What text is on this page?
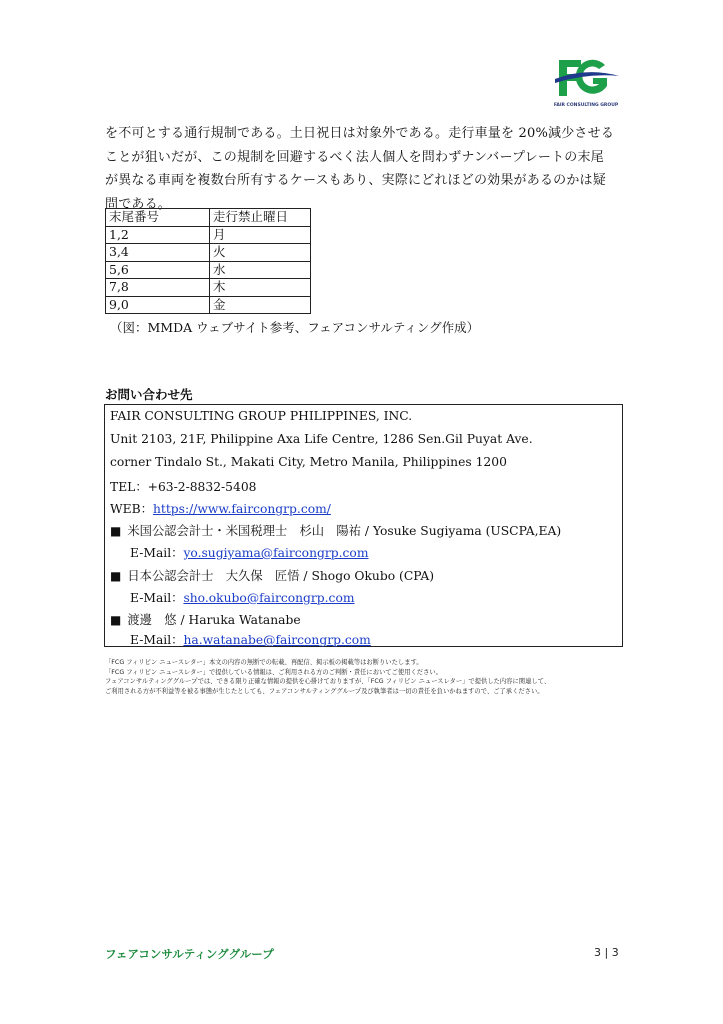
FAIR CONSULTING GROUP

を不可とする通行規制である。土日祝日は対象外である。走行車量を 20%減少させる

ことが狙いだが、この規制を回避するべく法人個人を問わずナンバープレートの末尾

が異なる車両を複数台所有するケースもあり、実際にどれほどの効果があるのかは疑

問である。

末尾番号	走行禁止曜日
1,2	月
3,4	火
5,6	水
7,8	木
9,0	金
（図：MMDA ウェブサイト参考、フェアコンサルティング作成）
お問い合わせ先
FAIR CONSULTING GROUP PHILIPPINES, INC.
Unit 2103, 21F, Philippine Axa Life Centre, 1286 Sen.Gil Puyat Ave.
corner Tindalo St., Makati City, Metro Manila, Philippines 1200
TEL：+63-2-8832-5408
WEB：https://www.faircongrp.com/
■ 米国公認会計士・米国税理士　杉山　陽祐 / Yosuke Sugiyama (USCPA,EA)
E-Mail：yo.sugiyama@faircongrp.com
■ 日本公認会計士　大久保　匠悟 / Shogo Okubo (CPA)
E-Mail：sho.okubo@faircongrp.com
■ 渡邊　悠 / Haruka Watanabe
E-Mail：ha.watanabe@faircongrp.com

「FCG フィリピン ニュースレター」本文の内容の無断での転載、再配信、掲示板の掲載等はお断りいたします。

「FCG フィリピン ニュースレター」で提供している情報は、ご利用される方のご判断・責任においてご使用ください。

フェアコンサルティンググループでは、できる限り正確な情報の提供を心掛けておりますが、「FCG フィリピン ニュースレター」で提供した内容に関連して、

ご利用される方が不利益等を被る事態が生じたとしても、フェアコンサルティンググループ及び執筆者は一切の責任を負いかねますので、ご了承ください。

フェアコンサルティンググループ	3 | 3
